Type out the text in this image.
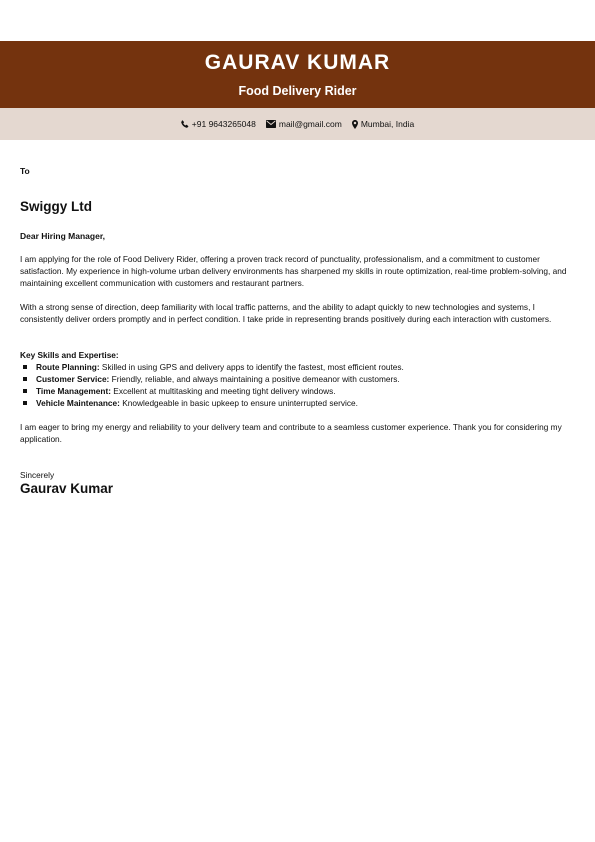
GAURAV KUMAR
Food Delivery Rider
+91 9643265048	mail@gmail.com Mumbai, India
To
Swiggy Ltd
Dear Hiring Manager,

I am applying for the role of Food Delivery Rider, offering a proven track record of punctuality, professionalism, and a commitment to customer satisfaction. My experience in high-volume urban delivery environments has sharpened my skills in route optimization, real-time problem-solving, and maintaining excellent communication with customers and restaurant partners.

With a strong sense of direction, deep familiarity with local traffic patterns, and the ability to adapt quickly to new technologies and systems, I consistently deliver orders promptly and in perfect condition. I take pride in representing brands positively during each interaction with customers.

Key Skills and Expertise:
Route Planning: Skilled in using GPS and delivery apps to identify the fastest, most efficient routes.
Customer Service: Friendly, reliable, and always maintaining a positive demeanor with customers.
Time Management: Excellent at multitasking and meeting tight delivery windows.
Vehicle Maintenance: Knowledgeable in basic upkeep to ensure uninterrupted service.

I am eager to bring my energy and reliability to your delivery team and contribute to a seamless customer experience. Thank you for considering my application.

Sincerely
Gaurav Kumar
